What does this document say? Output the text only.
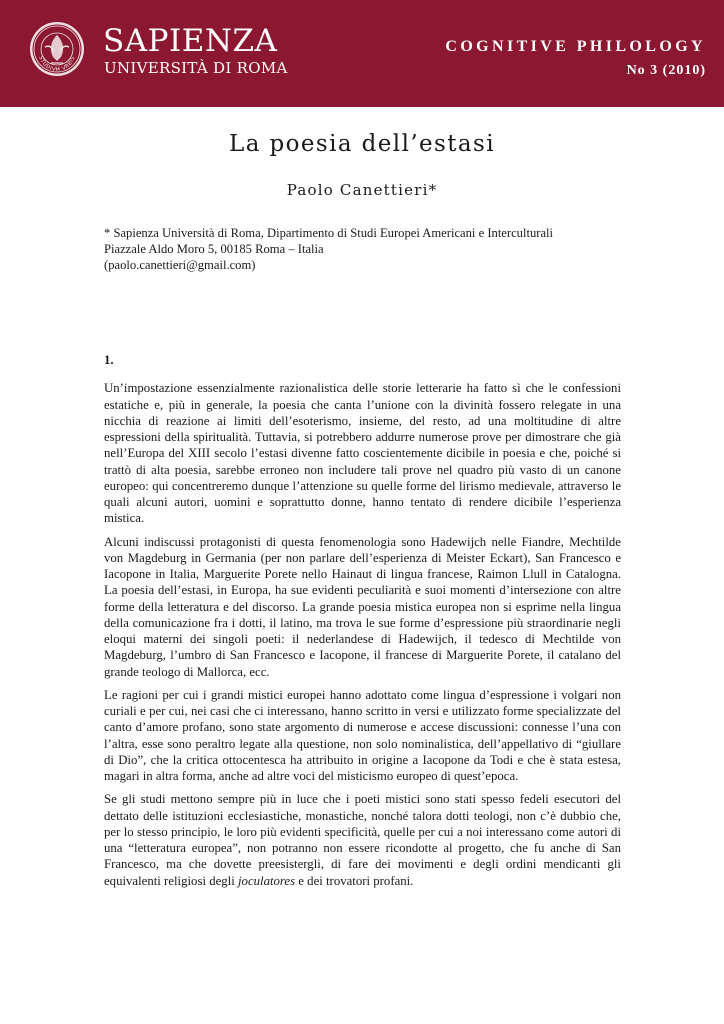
STUDIVM VRBIS SAPIENZA
UNIVERSITÀ DI ROMA
COGNITIVE PHILOLOGY
No 3 (2010)
La poesia dell’estasi
Paolo Canettieri*
* Sapienza Università di Roma, Dipartimento di Studi Europei Americani e Interculturali
Piazzale Aldo Moro 5, 00185 Roma – Italia
(paolo.canettieri@gmail.com)

1.

Un’impostazione essenzialmente razionalistica delle storie letterarie ha fatto sì che le confessioni estatiche e, più in generale, la poesia che canta l’unione con la divinità fossero relegate in una nicchia di reazione ai limiti dell’esoterismo, insieme, del resto, ad una moltitudine di altre espressioni della spiritualità. Tuttavia, si potrebbero addurre numerose prove per dimostrare che già nell’Europa del XIII secolo l’estasi divenne fatto coscientemente dicibile in poesia e che, poiché si trattò di alta poesia, sarebbe erroneo non includere tali prove nel quadro più vasto di un canone europeo: qui concentreremo dunque l’attenzione su quelle forme del lirismo medievale, attraverso le quali alcuni autori, uomini e soprattutto donne, hanno tentato di rendere dicibile l’esperienza mistica.

Alcuni indiscussi protagonisti di questa fenomenologia sono Hadewijch nelle Fiandre, Mechtilde von Magdeburg in Germania (per non parlare dell’esperienza di Meister Eckart), San Francesco e Iacopone in Italia, Marguerite Porete nello Hainaut di lingua francese, Raimon Llull in Catalogna. La poesia dell’estasi, in Europa, ha sue evidenti peculiarità e suoi momenti d’intersezione con altre forme della letteratura e del discorso. La grande poesia mistica europea non si esprime nella lingua della comunicazione fra i dotti, il latino, ma trova le sue forme d’espressione più straordinarie negli eloqui materni dei singoli poeti: il nederlandese di Hadewijch, il tedesco di Mechtilde von Magdeburg, l’umbro di San Francesco e Iacopone, il francese di Marguerite Porete, il catalano del grande teologo di Mallorca, ecc.

Le ragioni per cui i grandi mistici europei hanno adottato come lingua d’espressione i volgari non curiali e per cui, nei casi che ci interessano, hanno scritto in versi e utilizzato forme specializzate del canto d’amore profano, sono state argomento di numerose e accese discussioni: connesse l’una con l’altra, esse sono peraltro legate alla questione, non solo nominalistica, dell’appellativo di “giullare di Dio”, che la critica ottocentesca ha attribuito in origine a Iacopone da Todi e che è stata estesa, magari in altra forma, anche ad altre voci del misticismo europeo di quest’epoca.

Se gli studi mettono sempre più in luce che i poeti mistici sono stati spesso fedeli esecutori del dettato delle istituzioni ecclesiastiche, monastiche, nonché talora dotti teologi, non c’è dubbio che, per lo stesso principio, le loro più evidenti specificità, quelle per cui a noi interessano come autori di una “letteratura europea”, non potranno non essere ricondotte al progetto, che fu anche di San Francesco, ma che dovette preesistergli, di fare dei movimenti e degli ordini mendicanti gli equivalenti religiosi degli joculatores e dei trovatori profani.
